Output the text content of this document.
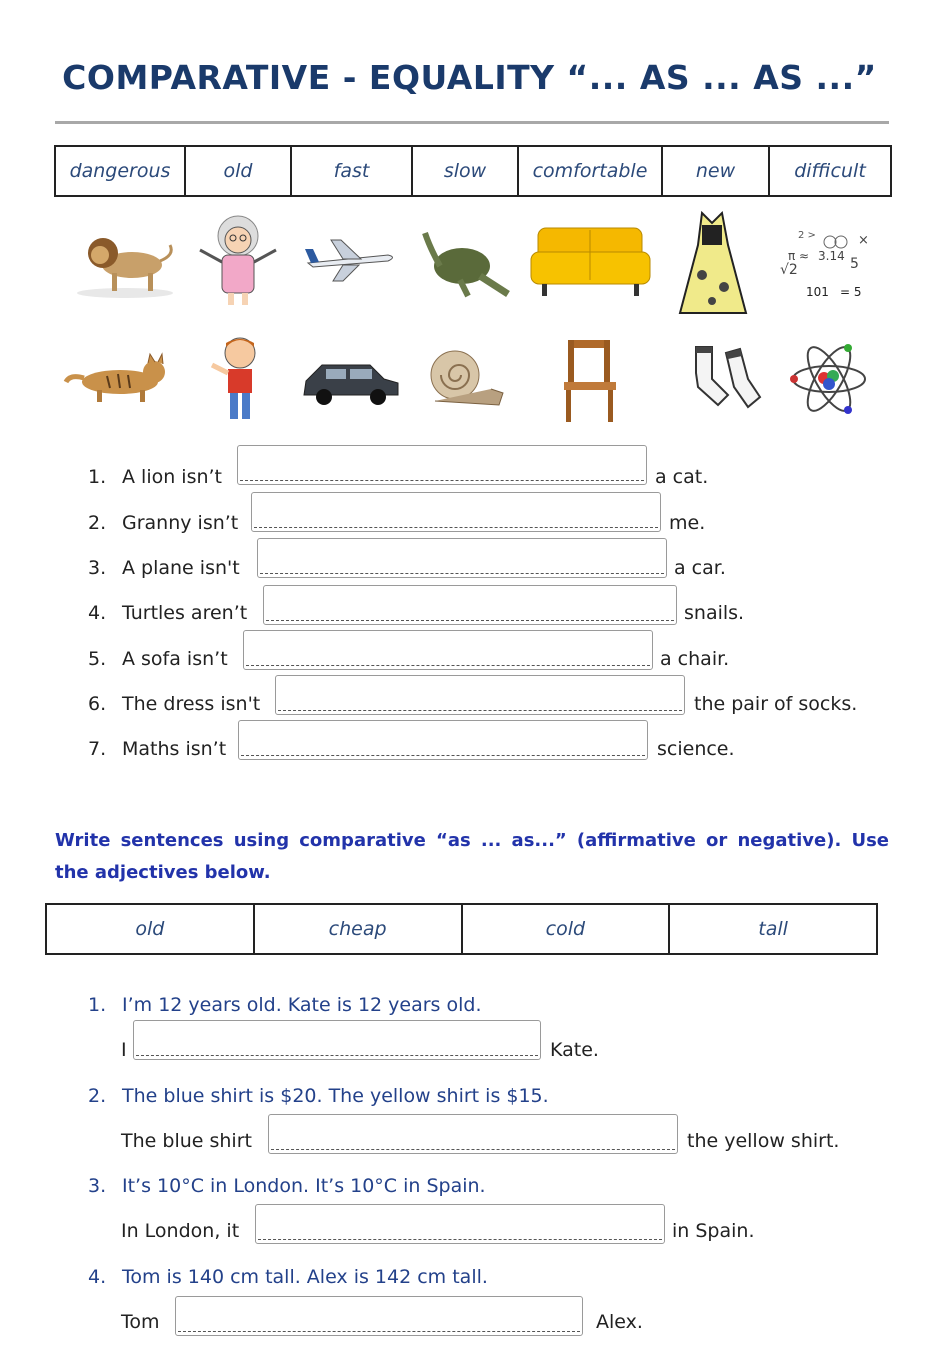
COMPARATIVE - EQUALITY “... AS ... AS ...”
dangerous	old	fast	slow	comfortable	new	difficult
2 >	×
π ≈ 3.14 5
√2
101 = 5
1. A lion isn’t	a cat.
2. Granny isn’t	me.
3. A plane isn't	a car.
4. Turtles aren’t	snails.
5. A sofa isn’t	a chair.
6. The dress isn't	the pair of socks.
7. Maths isn’t	science.
Write sentences using comparative “as ... as...” (affirmative or negative). Use the adjectives below.
old	cheap	cold	tall
1. I’m 12 years old. Kate is 12 years old.
I	Kate.
2. The blue shirt is $20. The yellow shirt is $15.
The blue shirt	the yellow shirt.
3. It’s 10°C in London. It’s 10°C in Spain.
In London, it	in Spain.
4. Tom is 140 cm tall. Alex is 142 cm tall.
Tom	Alex.
